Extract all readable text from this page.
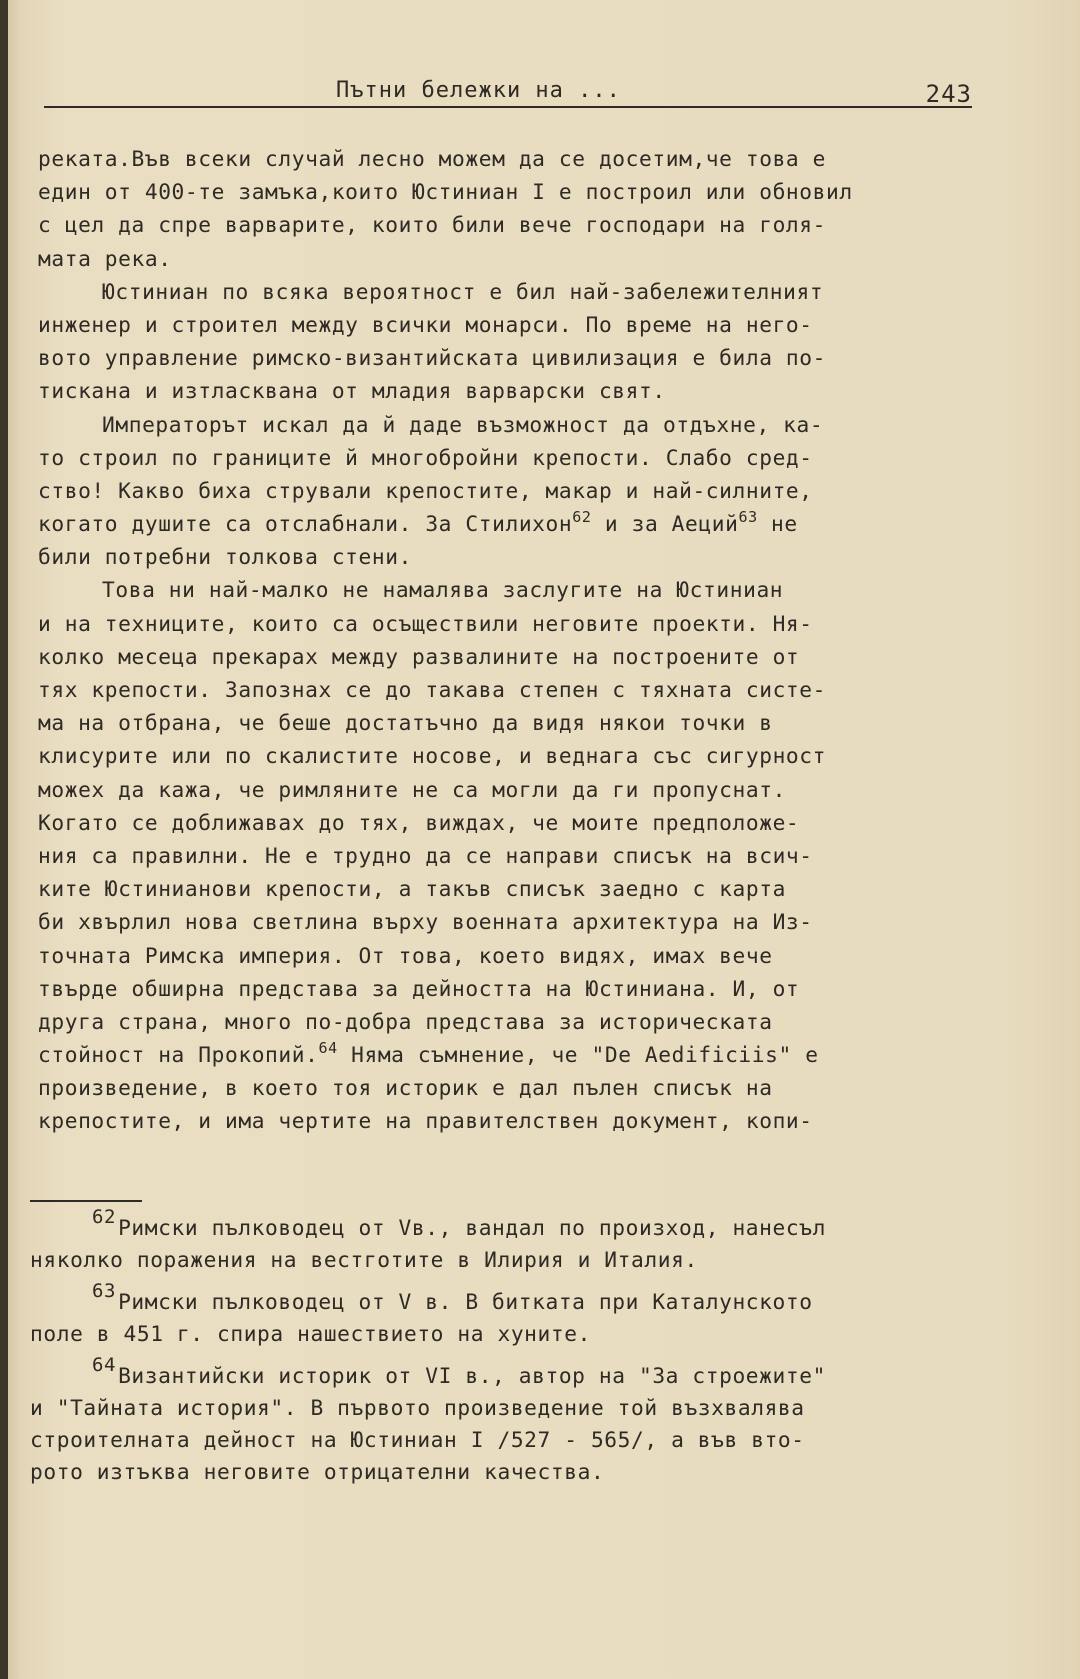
Пътни бележки на ...	243
реката.Във всеки случай лесно можем да се досетим,че това е
един от 400-те замъка,които Юстиниан I е построил или обновил
с цел да спре варварите, които били вече господари на голя-
мата река.
Юстиниан по всяка вероятност е бил най-забележителният
инженер и строител между всички монарси. По време на него-
вото управление римско-византийската цивилизация е била по-
тискана и изтласквана от младия варварски свят.
Императорът искал да й даде възможност да отдъхне, ка-
то строил по границите й многобройни крепости. Слабо сред-
ство! Какво биха стрували крепостите, макар и най-силните,
когато душите са отслабнали. За Стилихон$^{62}$ и за Аеций$^{63}$ не
били потребни толкова стени.
Това ни най-малко не намалява заслугите на Юстиниан
и на техниците, които са осъществили неговите проекти. Ня-
колко месеца прекарах между развалините на построените от
тях крепости. Запознах се до такава степен с тяхната систе-
ма на отбрана, че беше достатъчно да видя някои точки в
клисурите или по скалистите носове, и веднага със сигурност
можех да кажа, че римляните не са могли да ги пропуснат.
Когато се доближавах до тях, виждах, че моите предположе-
ния са правилни. Не е трудно да се направи списък на всич-
ките Юстинианови крепости, а такъв списък заедно с карта
би хвърлил нова светлина върху военната архитектура на Из-
точната Римска империя. От това, което видях, имах вече
твърде обширна представа за дейността на Юстиниана. И, от
друга страна, много по-добра представа за историческата
стойност на Прокопий.$^{64}$ Няма съмнение, че "De Aedificiis" е
произведение, в което тоя историк е дал пълен списък на
крепостите, и има чертите на правителствен документ, копи-
62Римски пълководец от Vв., вандал по произход, нанесъл
няколко поражения на вестготите в Илирия и Италия.
63Римски пълководец от V в. В битката при Каталунското
поле в 451 г. спира нашествието на хуните.
64Византийски историк от VI в., автор на "За строежите"
и "Тайната история". В първото произведение той възхвалява
строителната дейност на Юстиниан I /527 - 565/, а във вто-
рото изтъква неговите отрицателни качества.
